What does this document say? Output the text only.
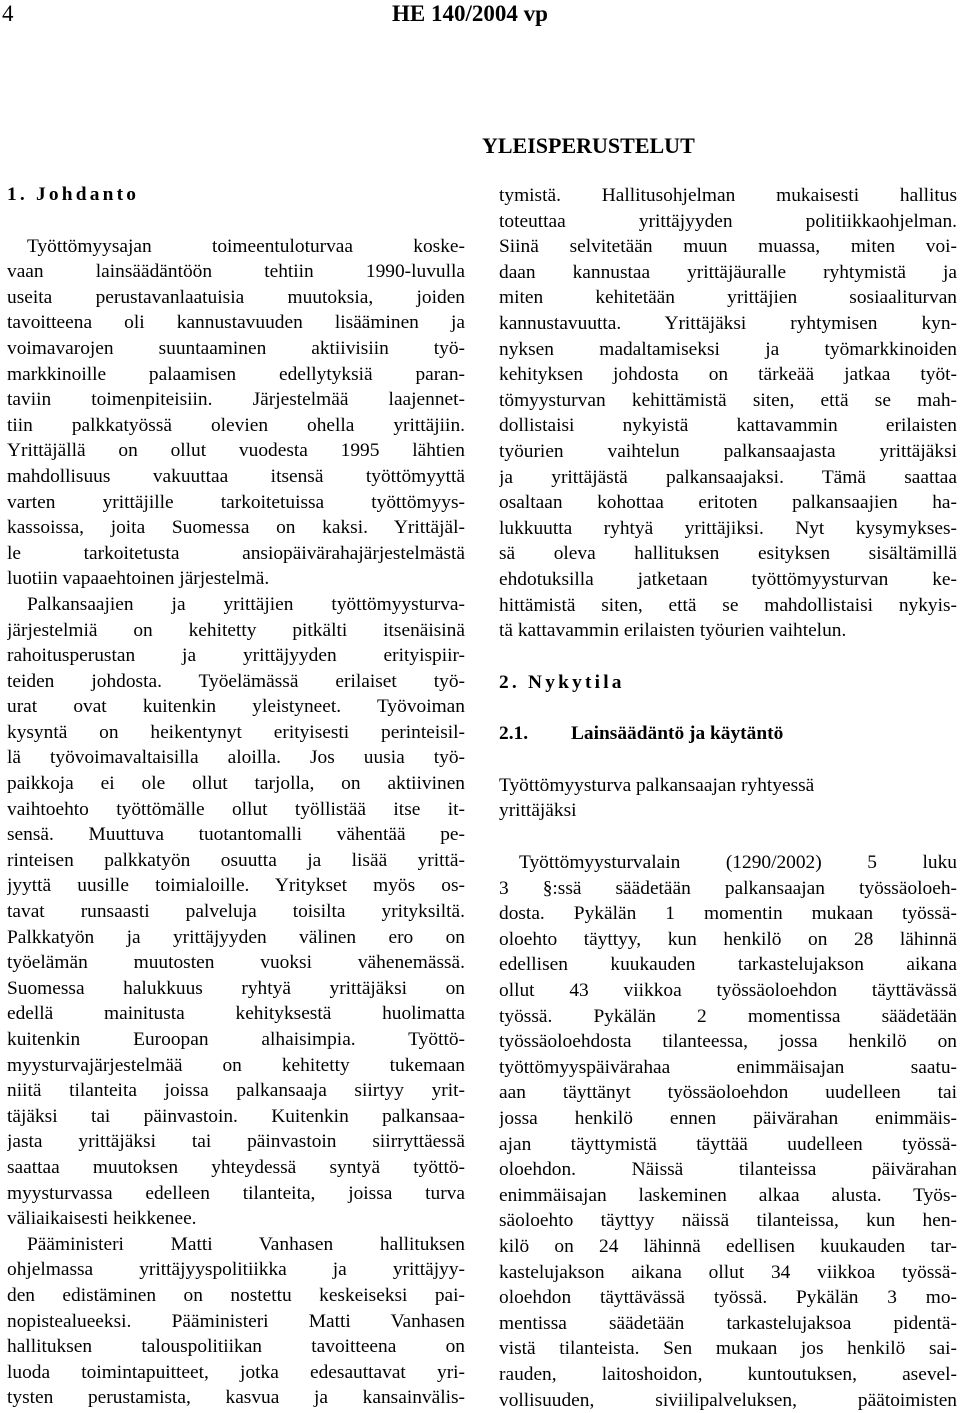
4	HE 140/2004 vp
YLEISPERUSTELUT
1. Johdanto
Työttömyysajan toimeentuloturvaa koske-
vaan lainsäädäntöön tehtiin 1990-luvulla
useita perustavanlaatuisia muutoksia, joiden
tavoitteena oli kannustavuuden lisääminen ja
voimavarojen suuntaaminen aktiivisiin työ-
markkinoille palaamisen edellytyksiä paran-
taviin toimenpiteisiin. Järjestelmää laajennet-
tiin palkkatyössä olevien ohella yrittäjiin.
Yrittäjällä on ollut vuodesta 1995 lähtien
mahdollisuus vakuuttaa itsensä työttömyyttä
varten yrittäjille tarkoitetuissa työttömyys-
kassoissa, joita Suomessa on kaksi. Yrittäjäl-
le tarkoitetusta ansiopäivärahajärjestelmästä
luotiin vapaaehtoinen järjestelmä.
Palkansaajien ja yrittäjien työttömyysturva-
järjestelmiä on kehitetty pitkälti itsenäisinä
rahoitusperustan ja yrittäjyyden erityispiir-
teiden johdosta. Työelämässä erilaiset työ-
urat ovat kuitenkin yleistyneet. Työvoiman
kysyntä on heikentynyt erityisesti perinteisil-
lä työvoimavaltaisilla aloilla. Jos uusia työ-
paikkoja ei ole ollut tarjolla, on aktiivinen
vaihtoehto työttömälle ollut työllistää itse it-
sensä. Muuttuva tuotantomalli vähentää pe-
rinteisen palkkatyön osuutta ja lisää yrittä-
jyyttä uusille toimialoille. Yritykset myös os-
tavat runsaasti palveluja toisilta yrityksiltä.
Palkkatyön ja yrittäjyyden välinen ero on
työelämän muutosten vuoksi vähenemässä.
Suomessa halukkuus ryhtyä yrittäjäksi on
edellä mainitusta kehityksestä huolimatta
kuitenkin Euroopan alhaisimpia. Työttö-
myysturvajärjestelmää on kehitetty tukemaan
niitä tilanteita joissa palkansaaja siirtyy yrit-
täjäksi tai päinvastoin. Kuitenkin palkansaa-
jasta yrittäjäksi tai päinvastoin siirryttäessä
saattaa muutoksen yhteydessä syntyä työttö-
myysturvassa edelleen tilanteita, joissa turva
väliaikaisesti heikkenee.
Pääministeri Matti Vanhasen hallituksen
ohjelmassa yrittäjyyspolitiikka ja yrittäjyy-
den edistäminen on nostettu keskeiseksi pai-
nopistealueeksi. Pääministeri Matti Vanhasen
hallituksen talouspolitiikan tavoitteena on
luoda toimintapuitteet, jotka edesauttavat yri-
tysten perustamista, kasvua ja kansainvälis-
tymistä. Hallitusohjelman mukaisesti hallitus
toteuttaa yrittäjyyden politiikkaohjelman.
Siinä selvitetään muun muassa, miten voi-
daan kannustaa yrittäjäuralle ryhtymistä ja
miten kehitetään yrittäjien sosiaaliturvan
kannustavuutta. Yrittäjäksi ryhtymisen kyn-
nyksen madaltamiseksi ja työmarkkinoiden
kehityksen johdosta on tärkeää jatkaa työt-
tömyysturvan kehittämistä siten, että se mah-
dollistaisi nykyistä kattavammin erilaisten
työurien vaihtelun palkansaajasta yrittäjäksi
ja yrittäjästä palkansaajaksi. Tämä saattaa
osaltaan kohottaa eritoten palkansaajien ha-
lukkuutta ryhtyä yrittäjiksi. Nyt kysymykses-
sä oleva hallituksen esityksen sisältämillä
ehdotuksilla jatketaan työttömyysturvan ke-
hittämistä siten, että se mahdollistaisi nykyis-
tä kattavammin erilaisten työurien vaihtelun.
2. Nykytila
2.1. Lainsäädäntö ja käytäntö
Työttömyysturva palkansaajan ryhtyessä
yrittäjäksi
Työttömyysturvalain (1290/2002) 5 luku
3 §:ssä säädetään palkansaajan työssäoloeh-
dosta. Pykälän 1 momentin mukaan työssä-
oloehto täyttyy, kun henkilö on 28 lähinnä
edellisen kuukauden tarkastelujakson aikana
ollut 43 viikkoa työssäoloehdon täyttävässä
työssä. Pykälän 2 momentissa säädetään
työssäoloehdosta tilanteessa, jossa henkilö on
työttömyyspäivärahaa enimmäisajan saatu-
aan täyttänyt työssäoloehdon uudelleen tai
jossa henkilö ennen päivärahan enimmäis-
ajan täyttymistä täyttää uudelleen työssä-
oloehdon. Näissä tilanteissa päivärahan
enimmäisajan laskeminen alkaa alusta. Työs-
säoloehto täyttyy näissä tilanteissa, kun hen-
kilö on 24 lähinnä edellisen kuukauden tar-
kastelujakson aikana ollut 34 viikkoa työssä-
oloehdon täyttävässä työssä. Pykälän 3 mo-
mentissa säädetään tarkastelujaksoa pidentä-
vistä tilanteista. Sen mukaan jos henkilö sai-
rauden, laitoshoidon, kuntoutuksen, asevel-
vollisuuden, siviilipalveluksen, päätoimisten
